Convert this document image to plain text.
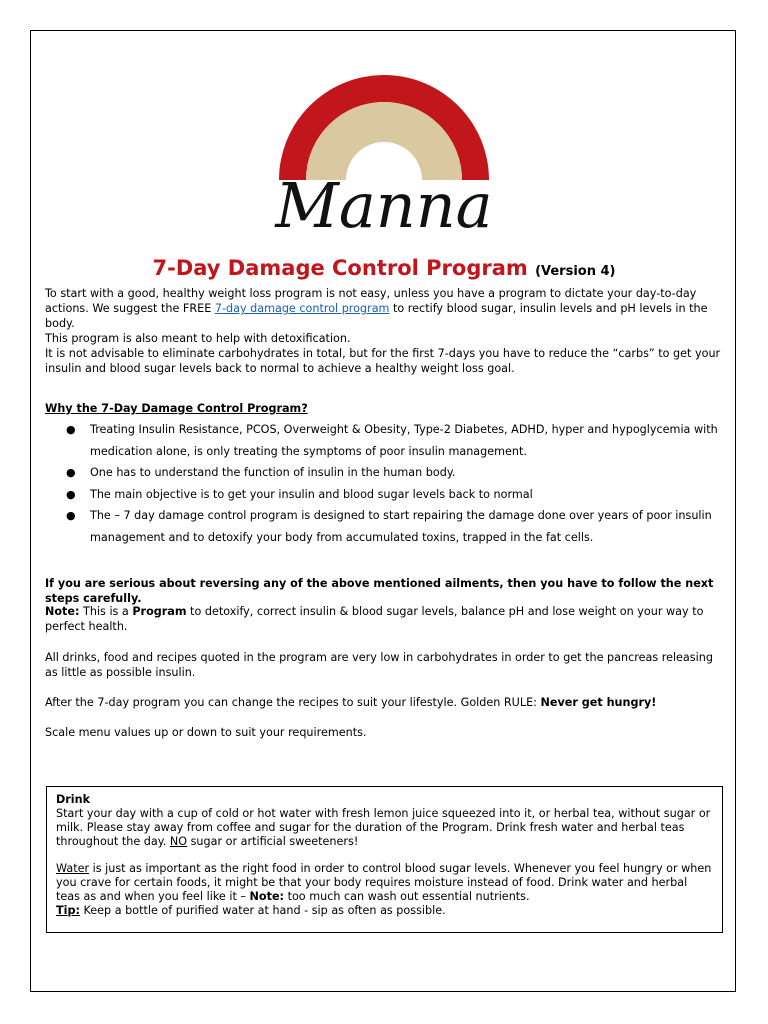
Manna
7-Day Damage Control Program (Version 4)

To start with a good, healthy weight loss program is not easy, unless you have a program to dictate your day-to-day actions. We suggest the FREE 7-day damage control program to rectify blood sugar, insulin levels and pH levels in the body.

This program is also meant to help with detoxification.

It is not advisable to eliminate carbohydrates in total, but for the first 7-days you have to reduce the “carbs” to get your insulin and blood sugar levels back to normal to achieve a healthy weight loss goal.

Why the 7-Day Damage Control Program?
● Treating Insulin Resistance, PCOS, Overweight & Obesity, Type-2 Diabetes, ADHD, hyper and hypoglycemia with medication alone, is only treating the symptoms of poor insulin management.
● One has to understand the function of insulin in the human body.
● The main objective is to get your insulin and blood sugar levels back to normal
● The – 7 day damage control program is designed to start repairing the damage done over years of poor insulin management and to detoxify your body from accumulated toxins, trapped in the fat cells.
If you are serious about reversing any of the above mentioned ailments, then you have to follow the next steps carefully.
Note: This is a Program to detoxify, correct insulin & blood sugar levels, balance pH and lose weight on your way to perfect health.
All drinks, food and recipes quoted in the program are very low in carbohydrates in order to get the pancreas releasing as little as possible insulin.
After the 7-day program you can change the recipes to suit your lifestyle. Golden RULE: Never get hungry!
Scale menu values up or down to suit your requirements.

Drink

Start your day with a cup of cold or hot water with fresh lemon juice squeezed into it, or herbal tea, without sugar or milk. Please stay away from coffee and sugar for the duration of the Program. Drink fresh water and herbal teas throughout the day. NO sugar or artificial sweeteners!

Water is just as important as the right food in order to control blood sugar levels. Whenever you feel hungry or when you crave for certain foods, it might be that your body requires moisture instead of food. Drink water and herbal teas as and when you feel like it – Note: too much can wash out essential nutrients.

Tip: Keep a bottle of purified water at hand - sip as often as possible.
